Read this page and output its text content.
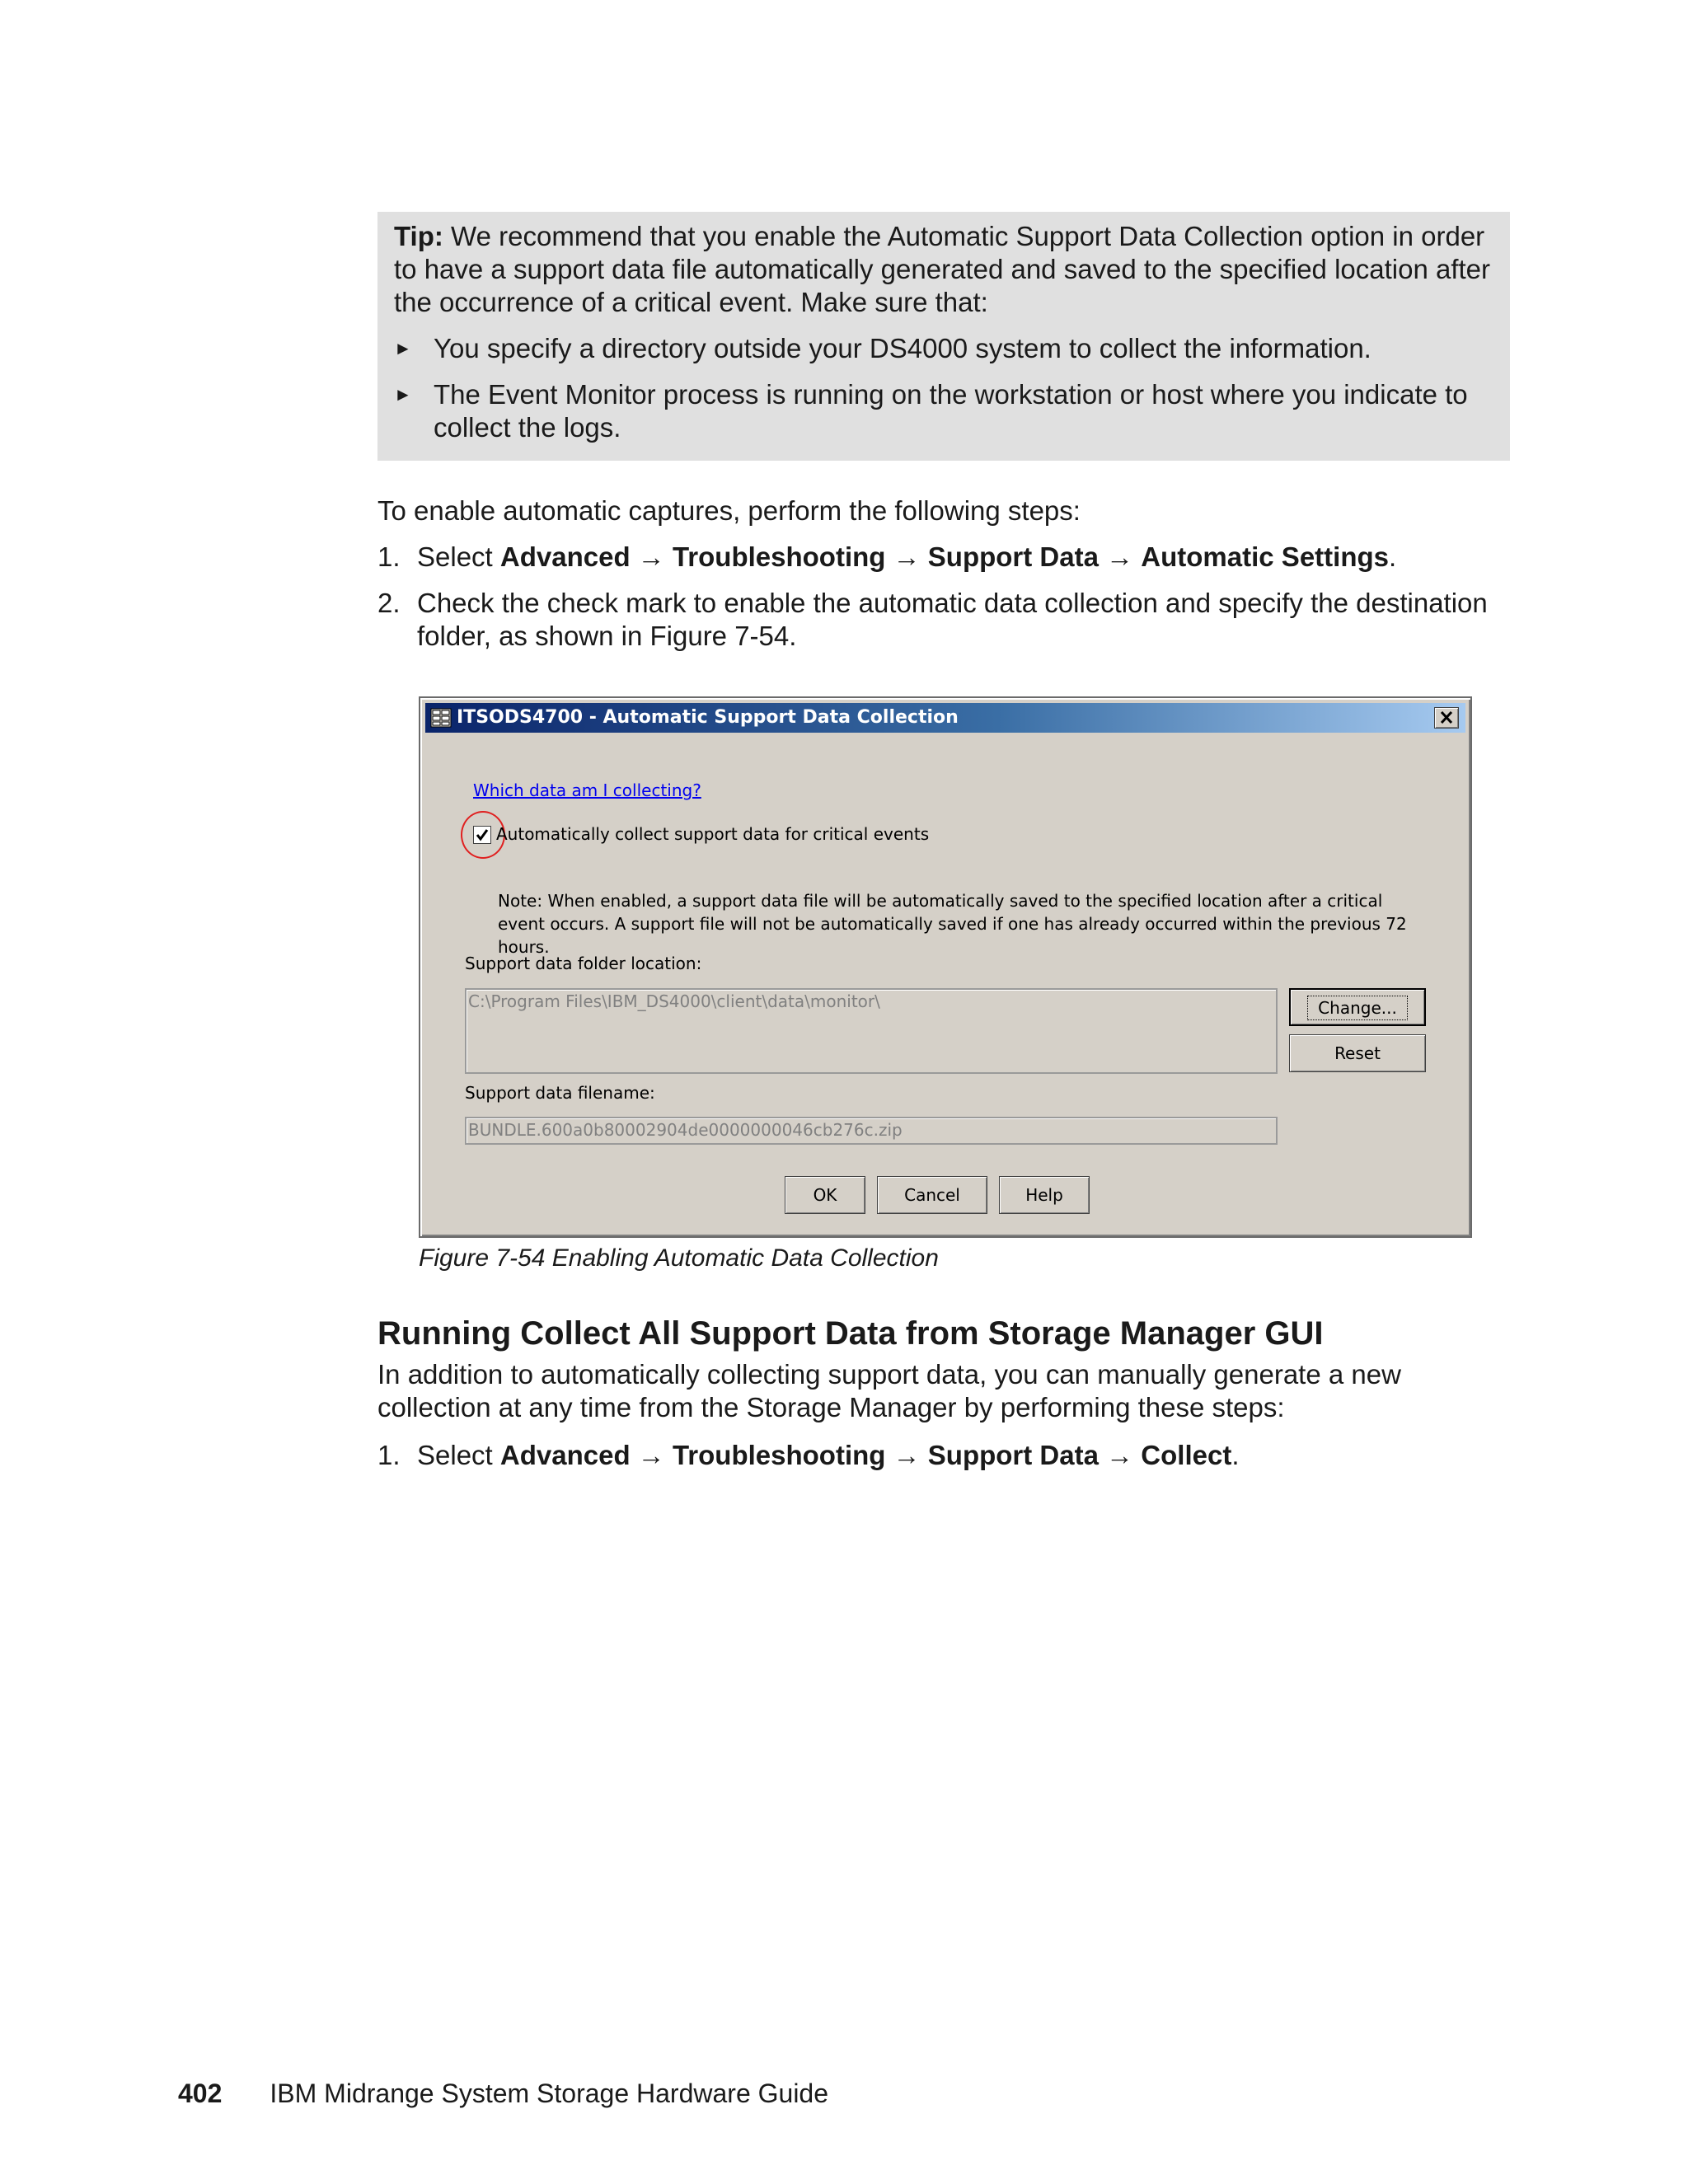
Tip: We recommend that you enable the Automatic Support Data Collection option in order to have a support data file automatically generated and saved to the specified location after the occurrence of a critical event. Make sure that:

► You specify a directory outside your DS4000 system to collect the information.
► The Event Monitor process is running on the workstation or host where you indicate to collect the logs.
To enable automatic captures, perform the following steps:
1. Select Advanced → Troubleshooting → Support Data → Automatic Settings.
2. Check the check mark to enable the automatic data collection and specify the destination folder, as shown in Figure 7-54.
ITSODS4700 - Automatic Support Data Collection
Which data am I collecting?
Automatically collect support data for critical events
Note: When enabled, a support data file will be automatically saved to the specified location after a critical event occurs. A support file will not be automatically saved if one has already occurred within the previous 72 hours.
Support data folder location:
C:\Program Files\IBM_DS4000\client\data\monitor\	Change...
Reset
Support data filename:
BUNDLE.600a0b80002904de0000000046cb276c.zip
OK	Cancel	Help
Figure 7-54 Enabling Automatic Data Collection
Running Collect All Support Data from Storage Manager GUI
In addition to automatically collecting support data, you can manually generate a new collection at any time from the Storage Manager by performing these steps:
1. Select Advanced → Troubleshooting → Support Data → Collect.
402 IBM Midrange System Storage Hardware Guide
